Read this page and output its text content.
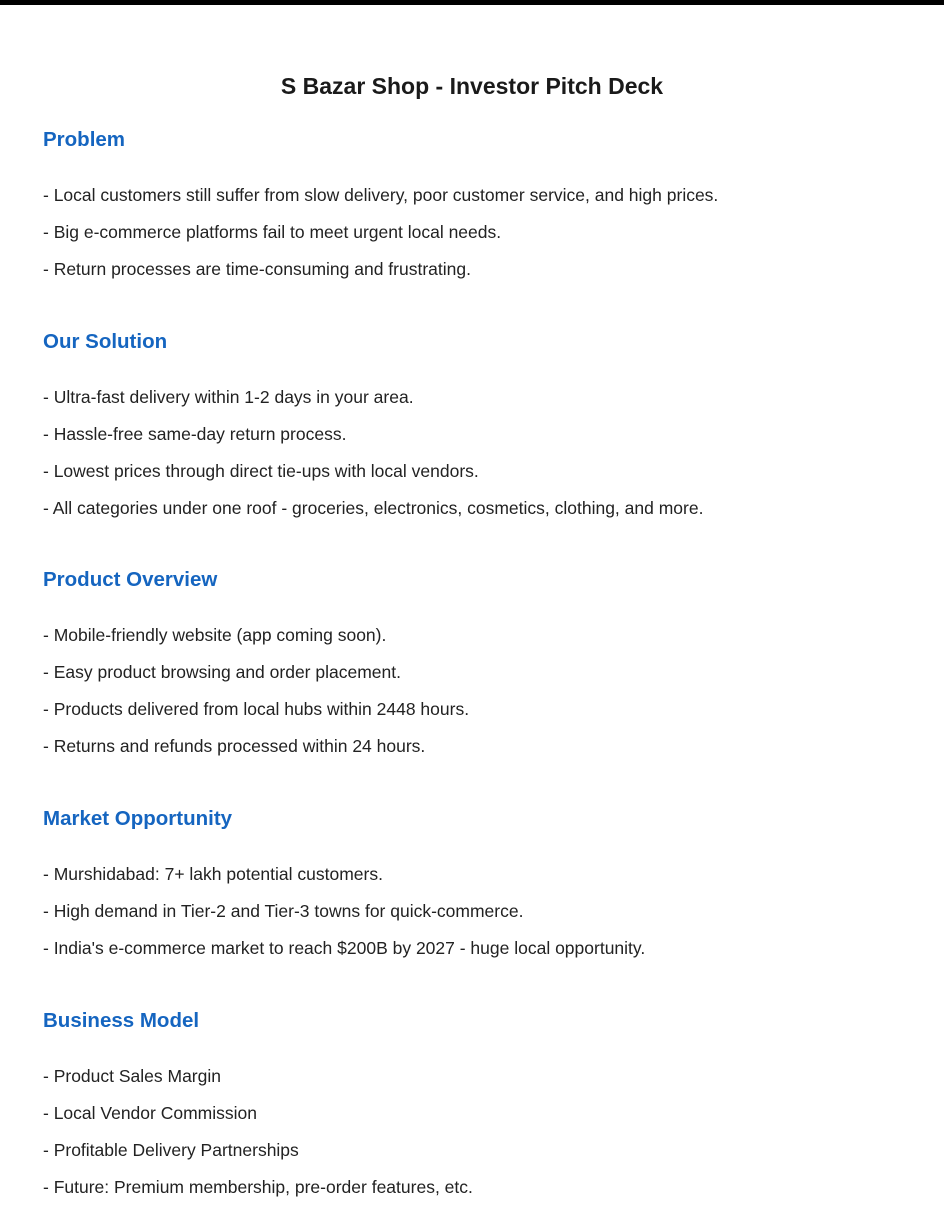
S Bazar Shop - Investor Pitch Deck
Problem
- Local customers still suffer from slow delivery, poor customer service, and high prices.
- Big e-commerce platforms fail to meet urgent local needs.
- Return processes are time-consuming and frustrating.
Our Solution
- Ultra-fast delivery within 1-2 days in your area.
- Hassle-free same-day return process.
- Lowest prices through direct tie-ups with local vendors.
- All categories under one roof - groceries, electronics, cosmetics, clothing, and more.
Product Overview
- Mobile-friendly website (app coming soon).
- Easy product browsing and order placement.
- Products delivered from local hubs within 2448 hours.
- Returns and refunds processed within 24 hours.
Market Opportunity
- Murshidabad: 7+ lakh potential customers.
- High demand in Tier-2 and Tier-3 towns for quick-commerce.
- India's e-commerce market to reach $200B by 2027 - huge local opportunity.
Business Model
- Product Sales Margin
- Local Vendor Commission
- Profitable Delivery Partnerships
- Future: Premium membership, pre-order features, etc.
